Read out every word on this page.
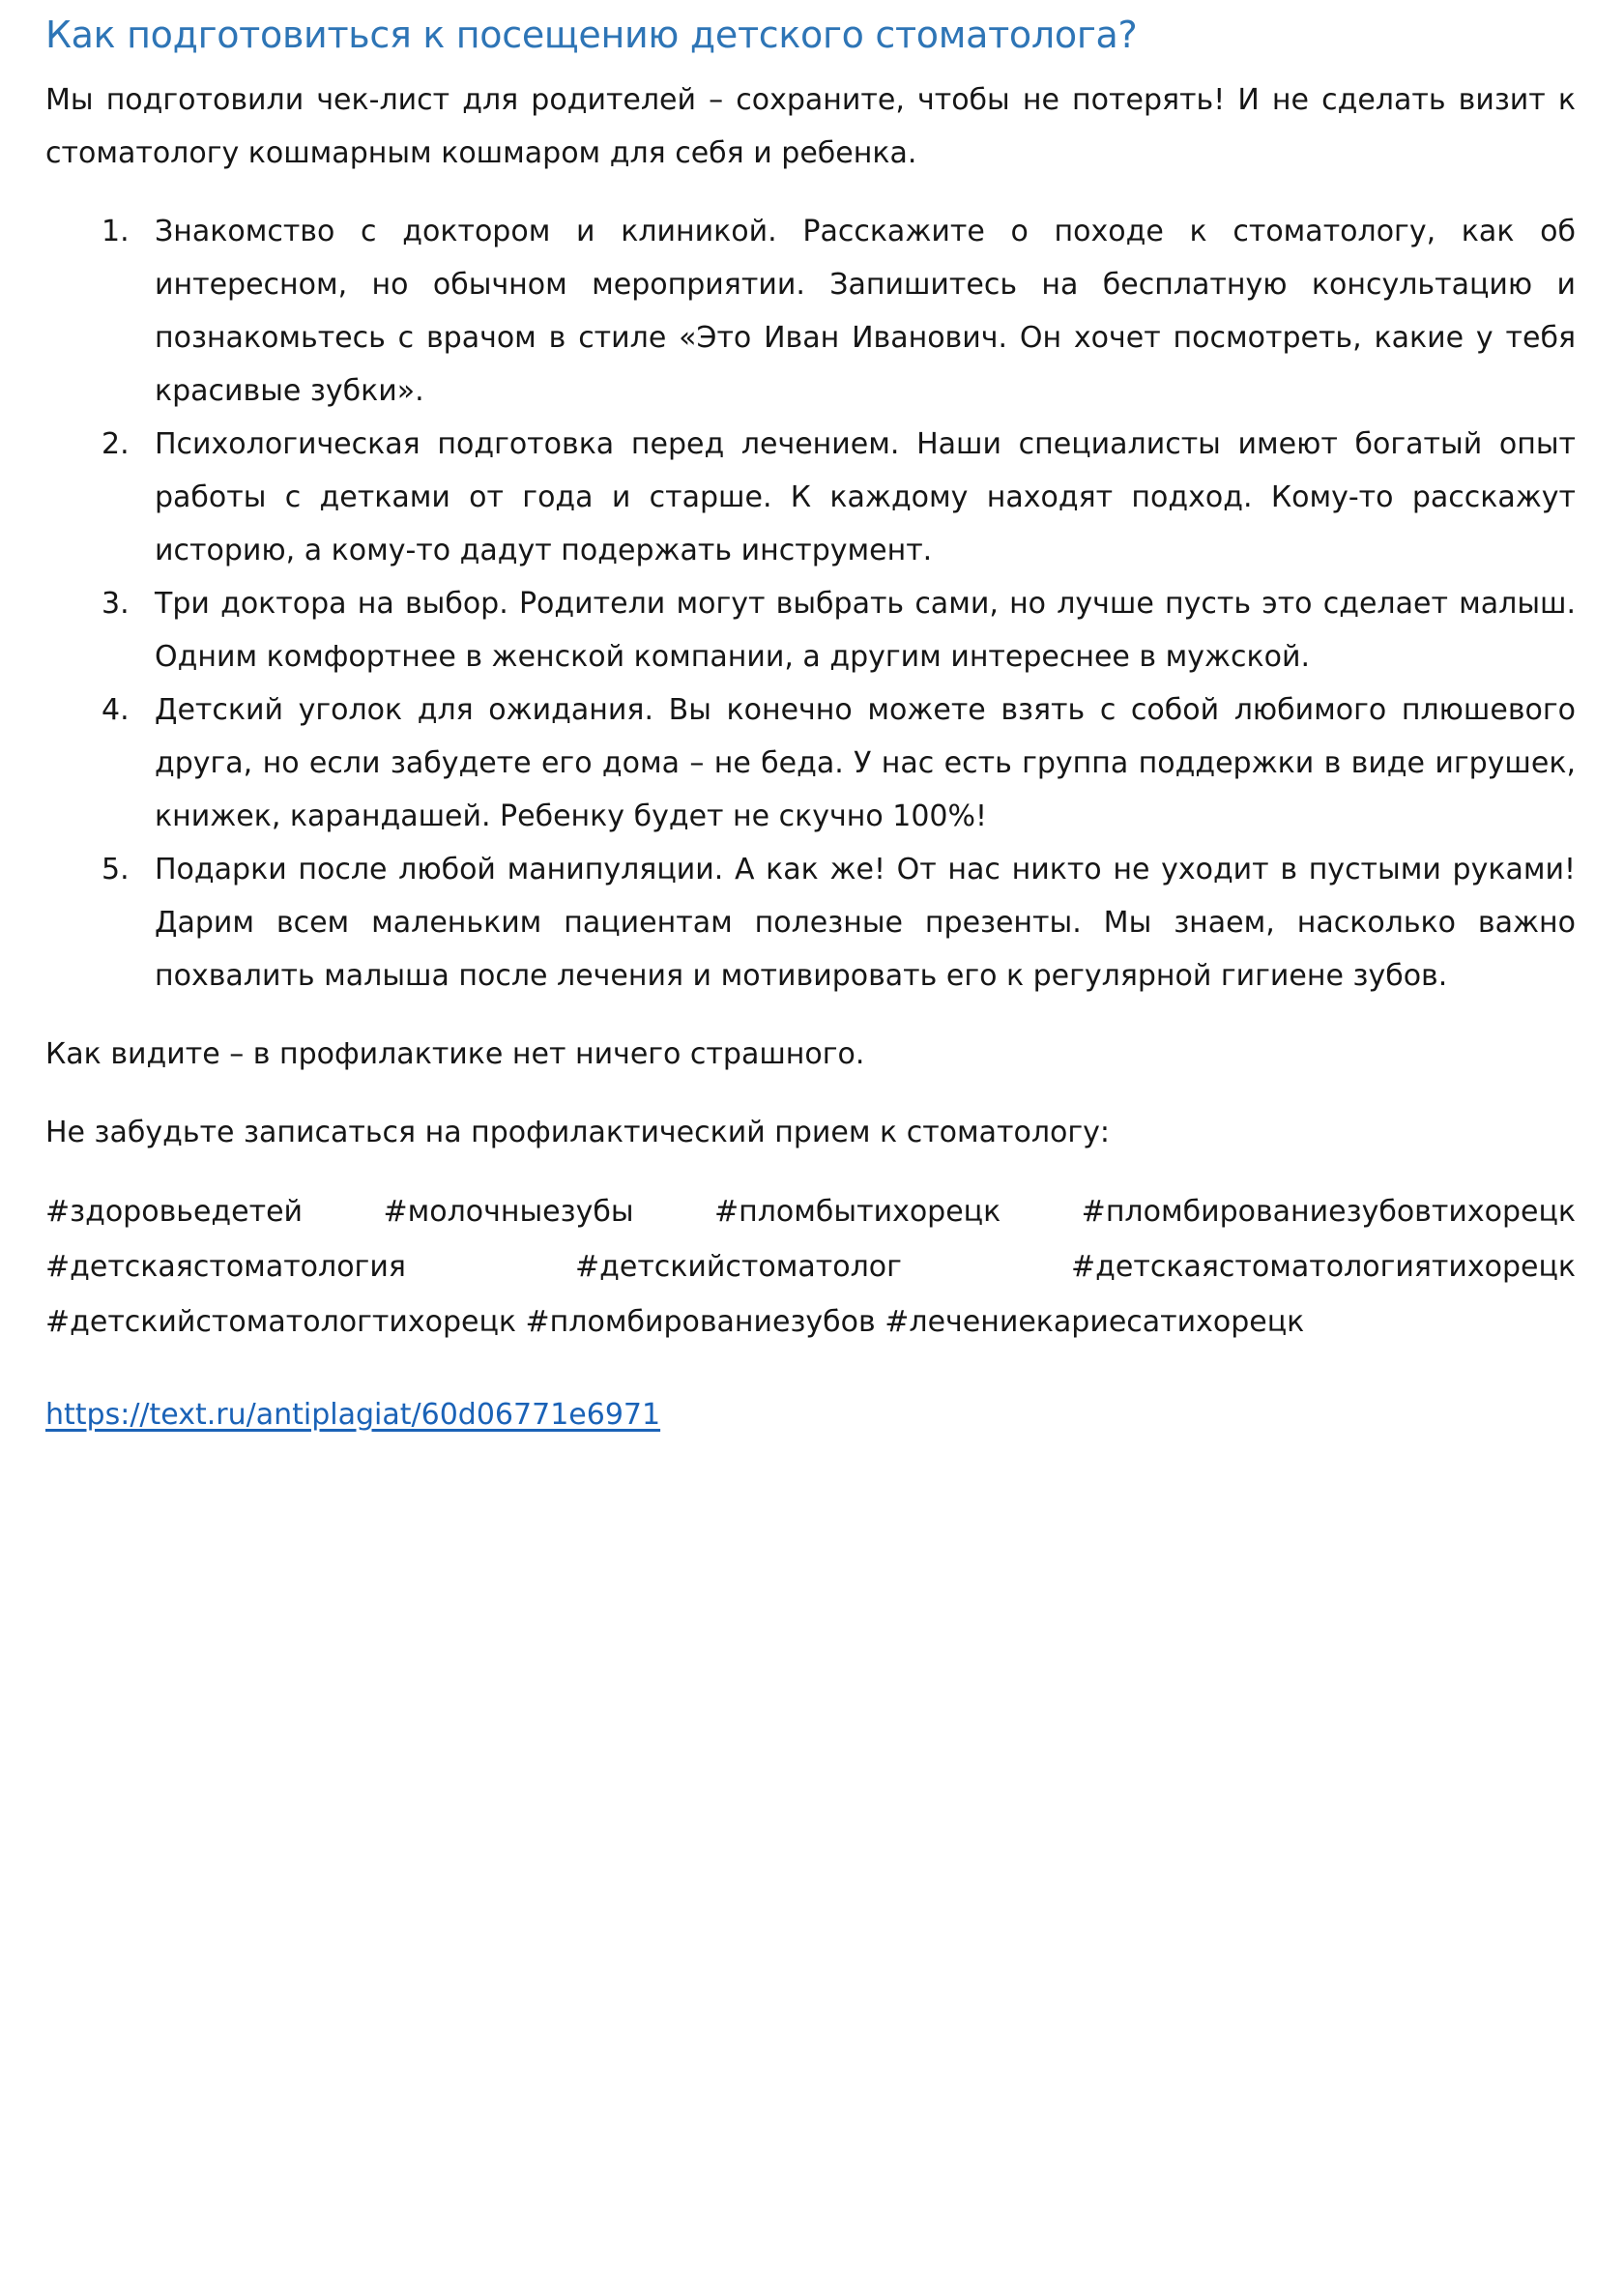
Как подготовиться к посещению детского стоматолога?

Мы подготовили чек-лист для родителей – сохраните, чтобы не потерять! И не сделать визит к стоматологу кошмарным кошмаром для себя и ребенка.

1. Знакомство с доктором и клиникой. Расскажите о походе к стоматологу, как об интересном, но обычном мероприятии. Запишитесь на бесплатную консультацию и познакомьтесь с врачом в стиле «Это Иван Иванович. Он хочет посмотреть, какие у тебя красивые зубки».
2. Психологическая подготовка перед лечением. Наши специалисты имеют богатый опыт работы с детками от года и старше. К каждому находят подход. Кому-то расскажут историю, а кому-то дадут подержать инструмент.
3. Три доктора на выбор. Родители могут выбрать сами, но лучше пусть это сделает малыш. Одним комфортнее в женской компании, а другим интереснее в мужской.
4. Детский уголок для ожидания. Вы конечно можете взять с собой любимого плюшевого друга, но если забудете его дома – не беда. У нас есть группа поддержки в виде игрушек, книжек, карандашей. Ребенку будет не скучно 100%!
5. Подарки после любой манипуляции. А как же! От нас никто не уходит в пустыми руками! Дарим всем маленьким пациентам полезные презенты. Мы знаем, насколько важно похвалить малыша после лечения и мотивировать его к регулярной гигиене зубов.

Как видите – в профилактике нет ничего страшного.

Не забудьте записаться на профилактический прием к стоматологу:

#здоровьедетей #молочныезубы #пломбытихорецк #пломбированиезубовтихорецк

#детскаястоматология #детскийстоматолог #детскаястоматологиятихорецк

#детскийстоматологтихорецк #пломбированиезубов #лечениекариесатихорецк

https://text.ru/antiplagiat/60d06771e6971
